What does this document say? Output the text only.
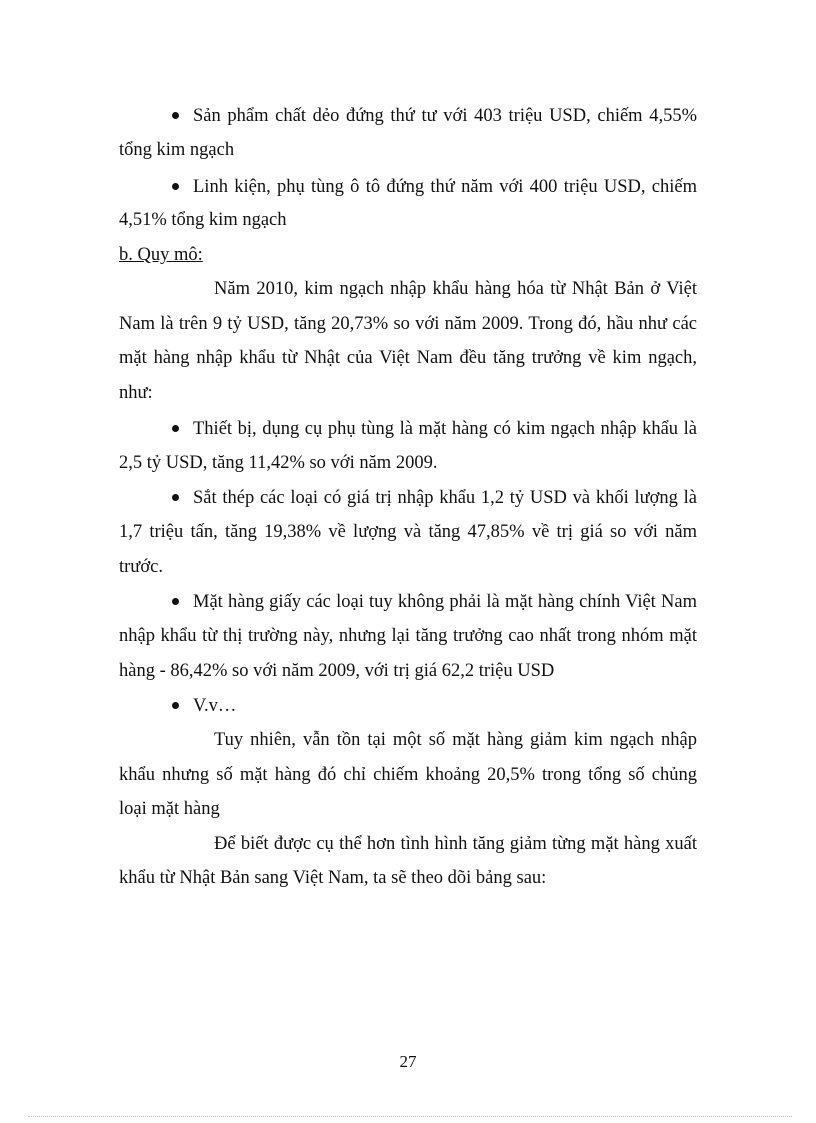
Sản phẩm chất dẻo đứng thứ tư với 403 triệu USD, chiếm 4,55%
tổng kim ngạch
Linh kiện, phụ tùng ô tô đứng thứ năm với 400 triệu USD, chiếm
4,51% tổng kim ngạch
b. Quy mô:
Năm 2010, kim ngạch nhập khẩu hàng hóa từ Nhật Bản ở Việt
Nam là trên 9 tỷ USD, tăng 20,73% so với năm 2009. Trong đó, hầu như các
mặt hàng nhập khẩu từ Nhật của Việt Nam đều tăng trưởng về kim ngạch,
như:
Thiết bị, dụng cụ phụ tùng là mặt hàng có kim ngạch nhập khẩu là
2,5 tỷ USD, tăng 11,42% so với năm 2009.
Sắt thép các loại có giá trị nhập khẩu 1,2 tỷ USD và khối lượng là
1,7 triệu tấn, tăng 19,38% về lượng và tăng 47,85% về trị giá so với năm
trước.
Mặt hàng giấy các loại tuy không phải là mặt hàng chính Việt Nam
nhập khẩu từ thị trường này, nhưng lại tăng trưởng cao nhất trong nhóm mặt
hàng - 86,42% so với năm 2009, với trị giá 62,2 triệu USD
V.v…
Tuy nhiên, vẫn tồn tại một số mặt hàng giảm kim ngạch nhập
khẩu nhưng số mặt hàng đó chỉ chiếm khoảng 20,5% trong tổng số chủng
loại mặt hàng
Để biết được cụ thể hơn tình hình tăng giảm từng mặt hàng xuất
khẩu từ Nhật Bản sang Việt Nam, ta sẽ theo dõi bảng sau:
27
